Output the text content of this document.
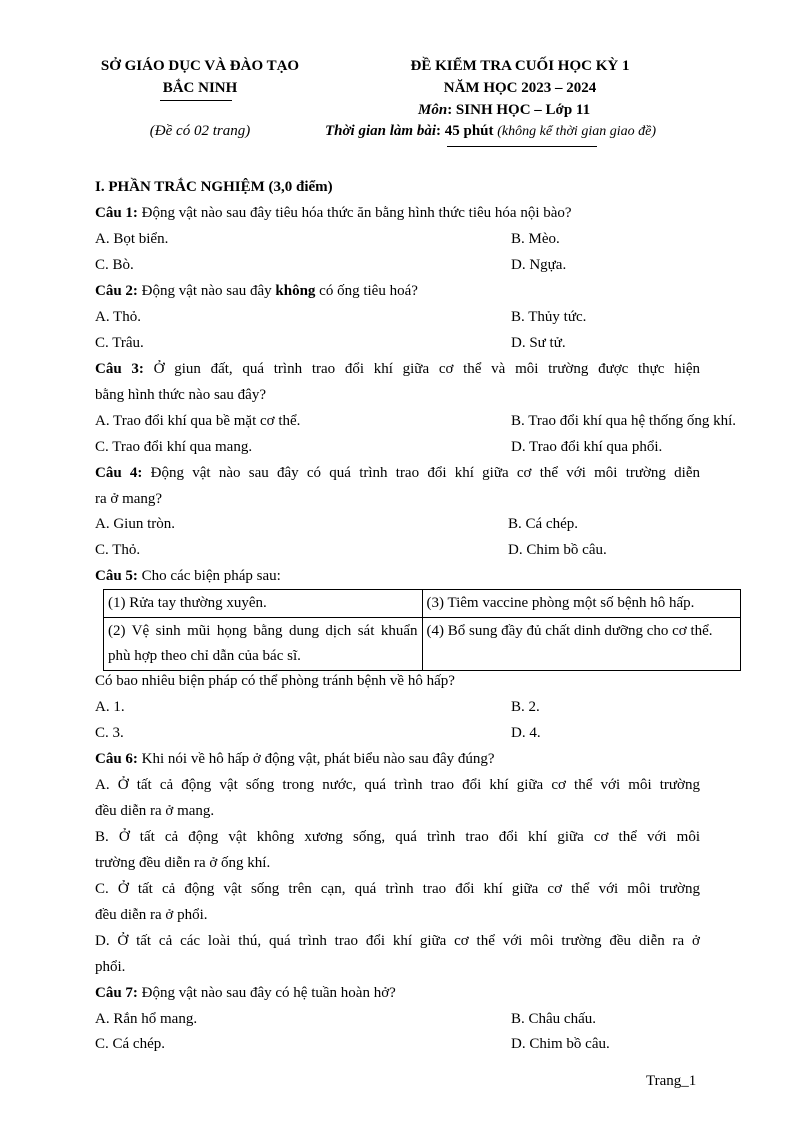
SỞ GIÁO DỤC VÀ ĐÀO TẠO
BẮC NINH
(Đề có 02 trang)
ĐỀ KIỂM TRA CUỐI HỌC KỲ 1
NĂM HỌC 2023 – 2024
Môn: SINH HỌC – Lớp 11
Thời gian làm bài: 45 phút (không kể thời gian giao đề)
I. PHẦN TRẮC NGHIỆM (3,0 điểm)
Câu 1: Động vật nào sau đây tiêu hóa thức ăn bằng hình thức tiêu hóa nội bào?
A. Bọt biển.	B. Mèo.
C. Bò.	D. Ngựa.
Câu 2: Động vật nào sau đây không có ống tiêu hoá?
A. Thỏ.	B. Thủy tức.
C. Trâu.	D. Sư tử.
Câu 3: Ở giun đất, quá trình trao đổi khí giữa cơ thể và môi trường được thực hiện
bằng hình thức nào sau đây?
A. Trao đổi khí qua bề mặt cơ thể.	B. Trao đổi khí qua hệ thống ống khí.
C. Trao đổi khí qua mang.	D. Trao đổi khí qua phổi.
Câu 4: Động vật nào sau đây có quá trình trao đổi khí giữa cơ thể với môi trường diễn
ra ở mang?
A. Giun tròn.	B. Cá chép.
C. Thỏ.	D. Chim bồ câu.
Câu 5: Cho các biện pháp sau:
(1) Rửa tay thường xuyên.	(3) Tiêm vaccine phòng một số bệnh hô hấp.
(2) Vệ sinh mũi họng bằng dung dịch sát khuẩn phù hợp theo chỉ dẫn của bác sĩ.	(4) Bổ sung đầy đủ chất dinh dưỡng cho cơ thể.
Có bao nhiêu biện pháp có thể phòng tránh bệnh về hô hấp?
A. 1.	B. 2.
C. 3.	D. 4.
Câu 6: Khi nói về hô hấp ở động vật, phát biểu nào sau đây đúng?
A. Ở tất cả động vật sống trong nước, quá trình trao đổi khí giữa cơ thể với môi trường
đều diễn ra ở mang.
B. Ở tất cả động vật không xương sống, quá trình trao đổi khí giữa cơ thể với môi
trường đều diễn ra ở ống khí.
C. Ở tất cả động vật sống trên cạn, quá trình trao đổi khí giữa cơ thể với môi trường
đều diễn ra ở phổi.
D. Ở tất cả các loài thú, quá trình trao đổi khí giữa cơ thể với môi trường đều diễn ra ở
phổi.
Câu 7: Động vật nào sau đây có hệ tuần hoàn hở?
A. Rắn hổ mang.	B. Châu chấu.
C. Cá chép.	D. Chim bồ câu.
Trang_1
